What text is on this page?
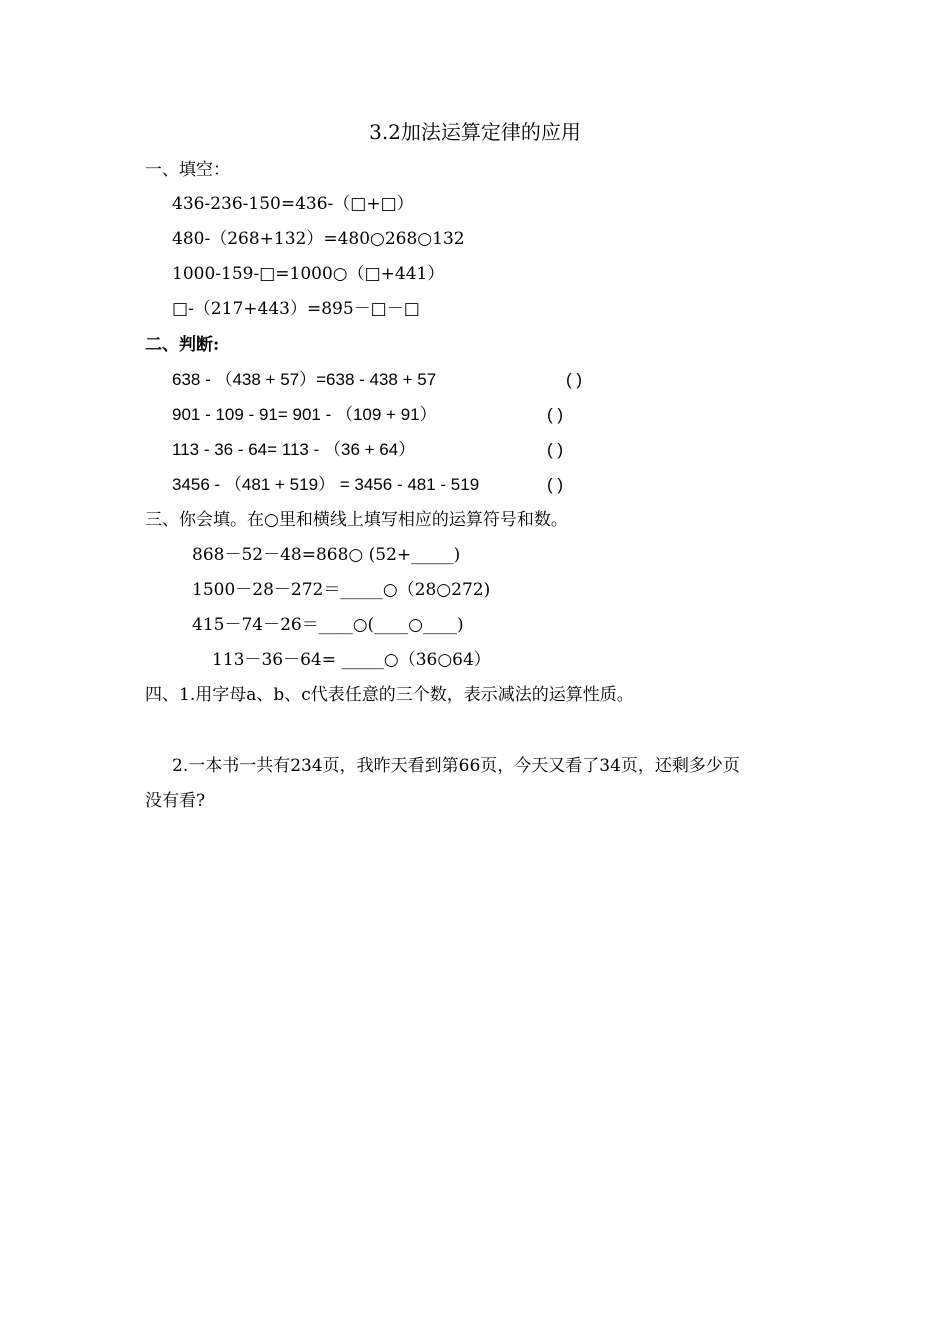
3.2加法运算定律的应用
一、填空：
436-236-150=436-（□+□）
480-（268+132）=480○268○132
1000-159-□=1000○（□+441）
□-（217+443）=895－□－□
二、判断:
638 - （438 + 57）=638 - 438 + 57	( )
901 - 109 - 91= 901 - （109 + 91）	( )
113 - 36 - 64= 113 - （36 + 64）	( )
3456 - （481 + 519） = 3456 - 481 - 519	( )
三、你会填。在○里和横线上填写相应的运算符号和数。
868－52－48=868○ (52+_____)
1500－28－272＝_____○（28○272)
415－74－26＝____○(____○____)
113－36－64= _____○（36○64）
四、1.用字母a、b、c代表任意的三个数，表示减法的运算性质。
2.一本书一共有234页，我昨天看到第66页，今天又看了34页，还剩多少页
没有看?
